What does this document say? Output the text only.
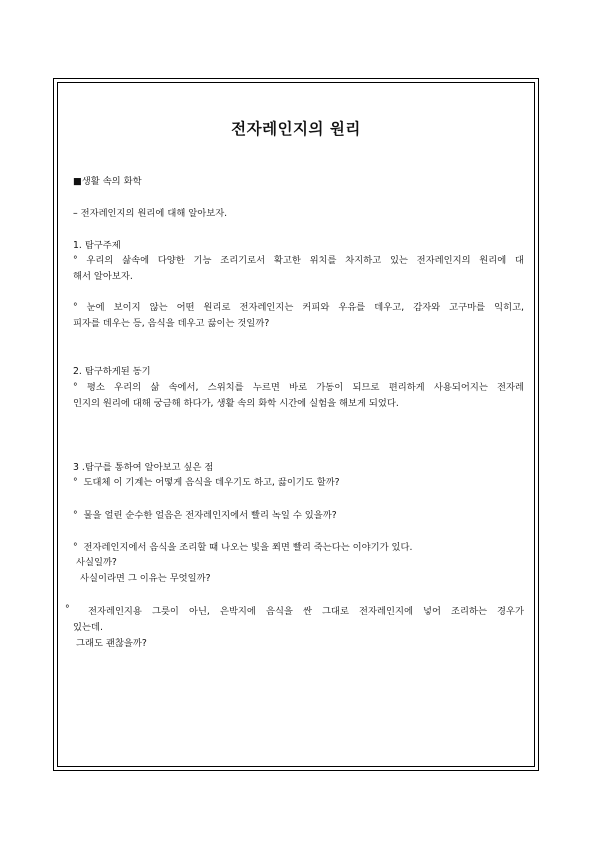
전자레인지의 원리
■생활 속의 화학
– 전자레인지의 원리에 대해 알아보자.
1. 탐구주제
° 우리의 삶속에 다양한 기능 조리기로서 확고한 위치를 차지하고 있는 전자레인지의 원리에 대
해서 알아보자.
° 눈에 보이지 않는 어떤 원리로 전자레인지는 커피와 우유를 데우고, 감자와 고구마를 익히고,
피자를 데우는 등, 음식을 데우고 끓이는 것일까?
2. 탐구하게된 동기
° 평소 우리의 삶 속에서, 스위치를 누르면 바로 가동이 되므로 편리하게 사용되어지는 전자레
인지의 원리에 대해 궁금해 하다가, 생활 속의 화학 시간에 실험을 해보게 되었다.
3 .탐구를 통하여 알아보고 싶은 점
°  도대체 이 기계는 어떻게 음식을 데우기도 하고, 끓이기도 할까?
°  물을 얼린 순수한 얼음은 전자레인지에서 빨리 녹일 수 있을까?
°  전자레인지에서 음식을 조리할 때 나오는 빛을 쬐면 빨리 죽는다는 이야기가 있다.
사실일까?
사실이라면 그 이유는 무엇일까?
° 전자레인지용 그릇이 아닌, 은박지에 음식을 싼 그대로 전자레인지에 넣어 조리하는 경우가
있는데.
그래도 괜찮을까?
